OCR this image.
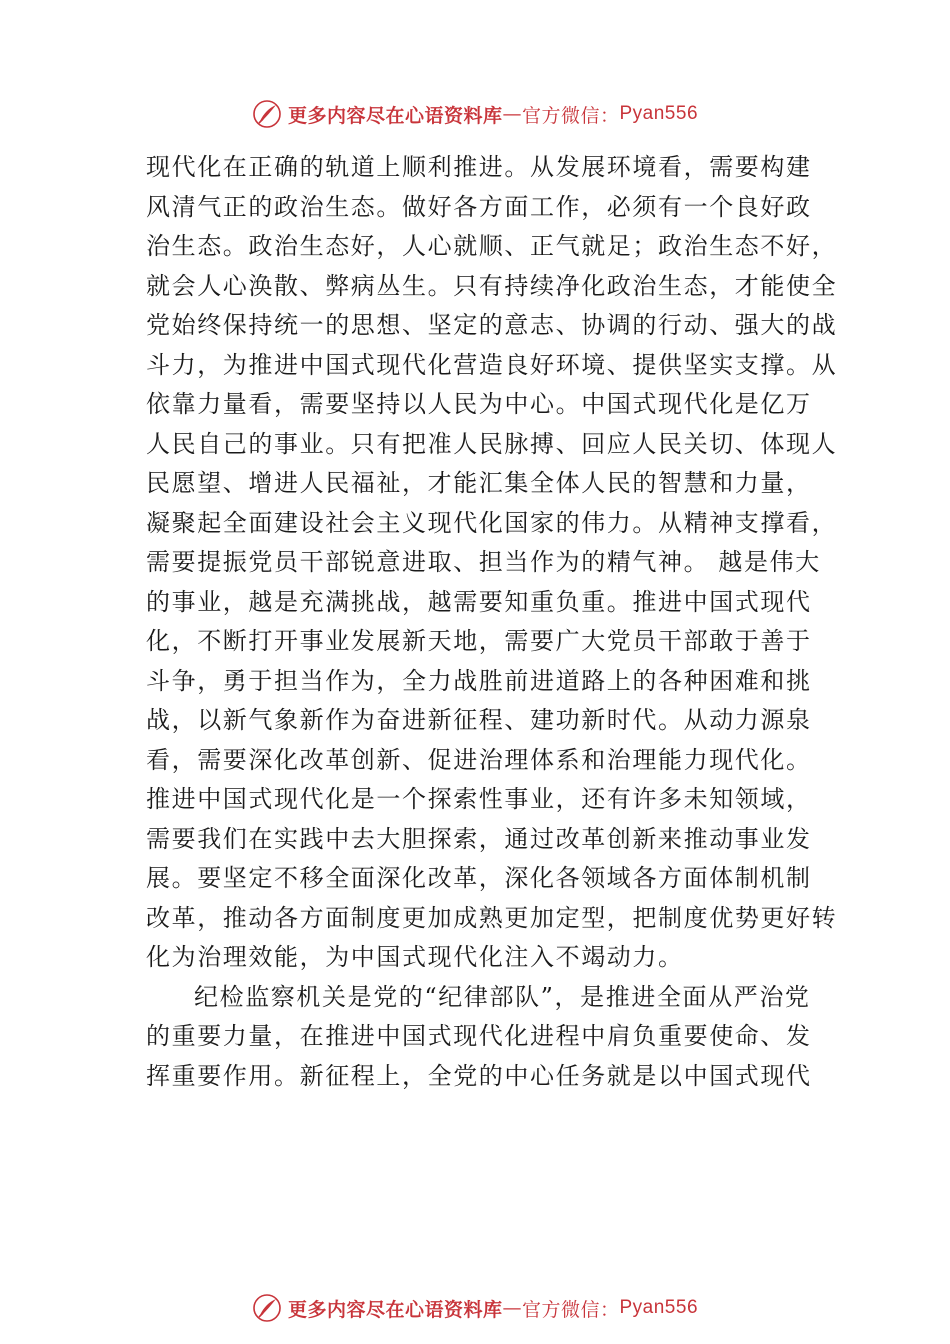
更多内容尽在心语资料库 — 官方微信： Pyan556
现代化在正确的轨道上顺利推进。从发展环境看，需要构建
风清气正的政治生态。做好各方面工作，必须有一个良好政
治生态。政治生态好，人心就顺、正气就足；政治生态不好，
就会人心涣散、弊病丛生。只有持续净化政治生态，才能使全
党始终保持统一的思想、坚定的意志、协调的行动、强大的战
斗力，为推进中国式现代化营造良好环境、提供坚实支撑。从
依靠力量看，需要坚持以人民为中心。中国式现代化是亿万
人民自己的事业。只有把准人民脉搏、回应人民关切、体现人
民愿望、增进人民福祉，才能汇集全体人民的智慧和力量，
凝聚起全面建设社会主义现代化国家的伟力。从精神支撑看，
需要提振党员干部锐意进取、担当作为的精气神。 越是伟大
的事业，越是充满挑战，越需要知重负重。推进中国式现代
化，不断打开事业发展新天地，需要广大党员干部敢于善于
斗争，勇于担当作为，全力战胜前进道路上的各种困难和挑
战，以新气象新作为奋进新征程、建功新时代。从动力源泉
看，需要深化改革创新、促进治理体系和治理能力现代化。
推进中国式现代化是一个探索性事业，还有许多未知领域，
需要我们在实践中去大胆探索，通过改革创新来推动事业发
展。要坚定不移全面深化改革，深化各领域各方面体制机制
改革，推动各方面制度更加成熟更加定型，把制度优势更好转
化为治理效能，为中国式现代化注入不竭动力。
纪检监察机关是党的“纪律部队”，是推进全面从严治党
的重要力量，在推进中国式现代化进程中肩负重要使命、发
挥重要作用。新征程上，全党的中心任务就是以中国式现代
更多内容尽在心语资料库 — 官方微信： Pyan556
